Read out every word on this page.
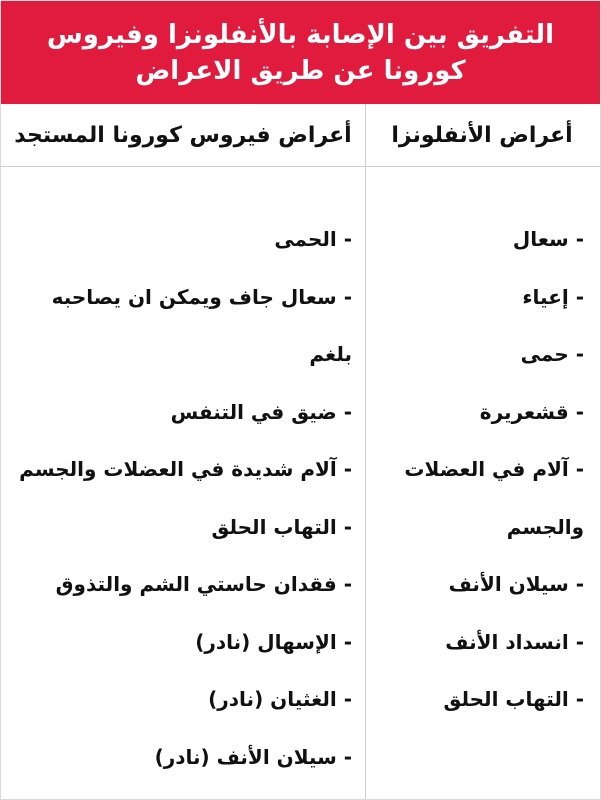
التفريق بين الإصابة بالأنفلونزا وفيروس
كورونا عن طريق الاعراض
أعراض الأنفلونزا
أعراض فيروس كورونا المستجد
- سعال
- إعياء
- حمى
- قشعريرة
- آلام في العضلات
والجسم
- سيلان الأنف
- انسداد الأنف
- التهاب الحلق
- الحمى
- سعال جاف ويمكن ان يصاحبه
بلغم
- ضيق في التنفس
- آلام شديدة في العضلات والجسم
- التهاب الحلق
- فقدان حاستي الشم والتذوق
- الإسهال (نادر)
- الغثيان (نادر)
- سيلان الأنف (نادر)
